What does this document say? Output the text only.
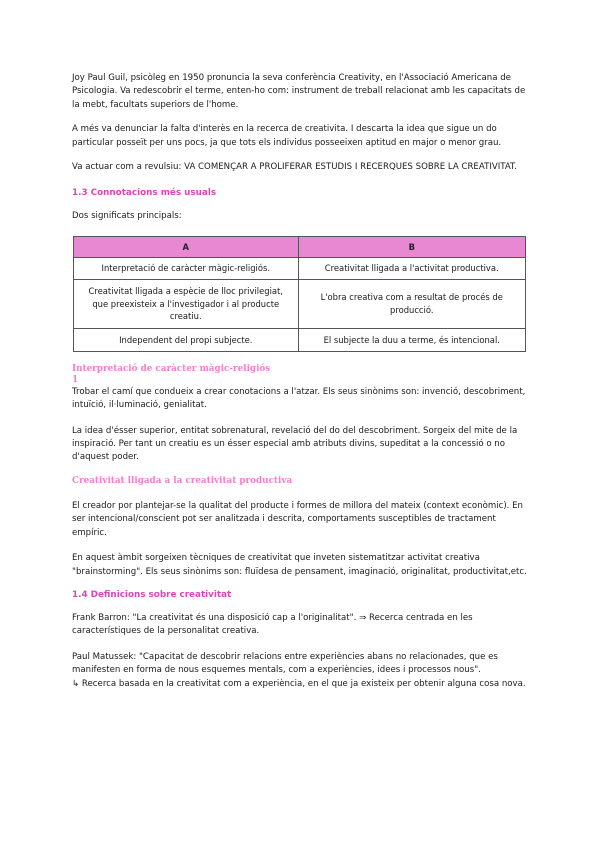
Joy Paul Guil, psicòleg en 1950 pronuncia la seva conferència Creativity, en l'Associació Americana de Psicologia. Va redescobrir el terme, enten-ho com: instrument de treball relacionat amb les capacitats de la mebt, facultats superiors de l'home.

A més va denunciar la falta d'interès en la recerca de creativita. I descarta la idea que sigue un do particular posseït per uns pocs, ja que tots els individus posseeixen aptitud en major o menor grau.

Va actuar com a revulsiu: VA COMENÇAR A PROLIFERAR ESTUDIS I RECERQUES SOBRE LA CREATIVITAT.

1.3 Connotacions més usuals

Dos significats principals:

A	B
Interpretació de caràcter màgic-religiós.	Creativitat lligada a l'activitat productiva.
Creativitat lligada a espècie de lloc privilegiat, que preexisteix a l'investigador i al producte creatiu.	L'obra creativa com a resultat de procés de producció.
Independent del propi subjecte.	El subjecte la duu a terme, és intencional.

Interpretació de caràcter màgic-religiós

1

Trobar el camí que condueix a crear conotacions a l'atzar. Els seus sinònims son: invenció, descobriment, intuïció, il·luminació, genialitat.

La idea d'ésser superior, entitat sobrenatural, revelació del do del descobriment. Sorgeix del mite de la inspiració. Per tant un creatiu es un ésser especial amb atributs divins, supeditat a la concessió o no d'aquest poder.

Creativitat lligada a la creativitat productiva

El creador por plantejar-se la qualitat del producte i formes de millora del mateix (context econòmic). En ser intencional/conscient pot ser analitzada i descrita, comportaments susceptibles de tractament empíric.

En aquest àmbit sorgeixen tècniques de creativitat que inveten sistematitzar activitat creativa "brainstorming". Els seus sinònims son: fluïdesa de pensament, imaginació, originalitat, productivitat,etc.

1.4 Definicions sobre creativitat

Frank Barron: "La creativitat és una disposició cap a l'originalitat". ⇒ Recerca centrada en les característiques de la personalitat creativa.

Paul Matussek: "Capacitat de descobrir relacions entre experiències abans no relacionades, que es manifesten en forma de nous esquemes mentals, com a experiències, idees i processos nous".

↳ Recerca basada en la creativitat com a experiència, en el que ja existeix per obtenir alguna cosa nova.
